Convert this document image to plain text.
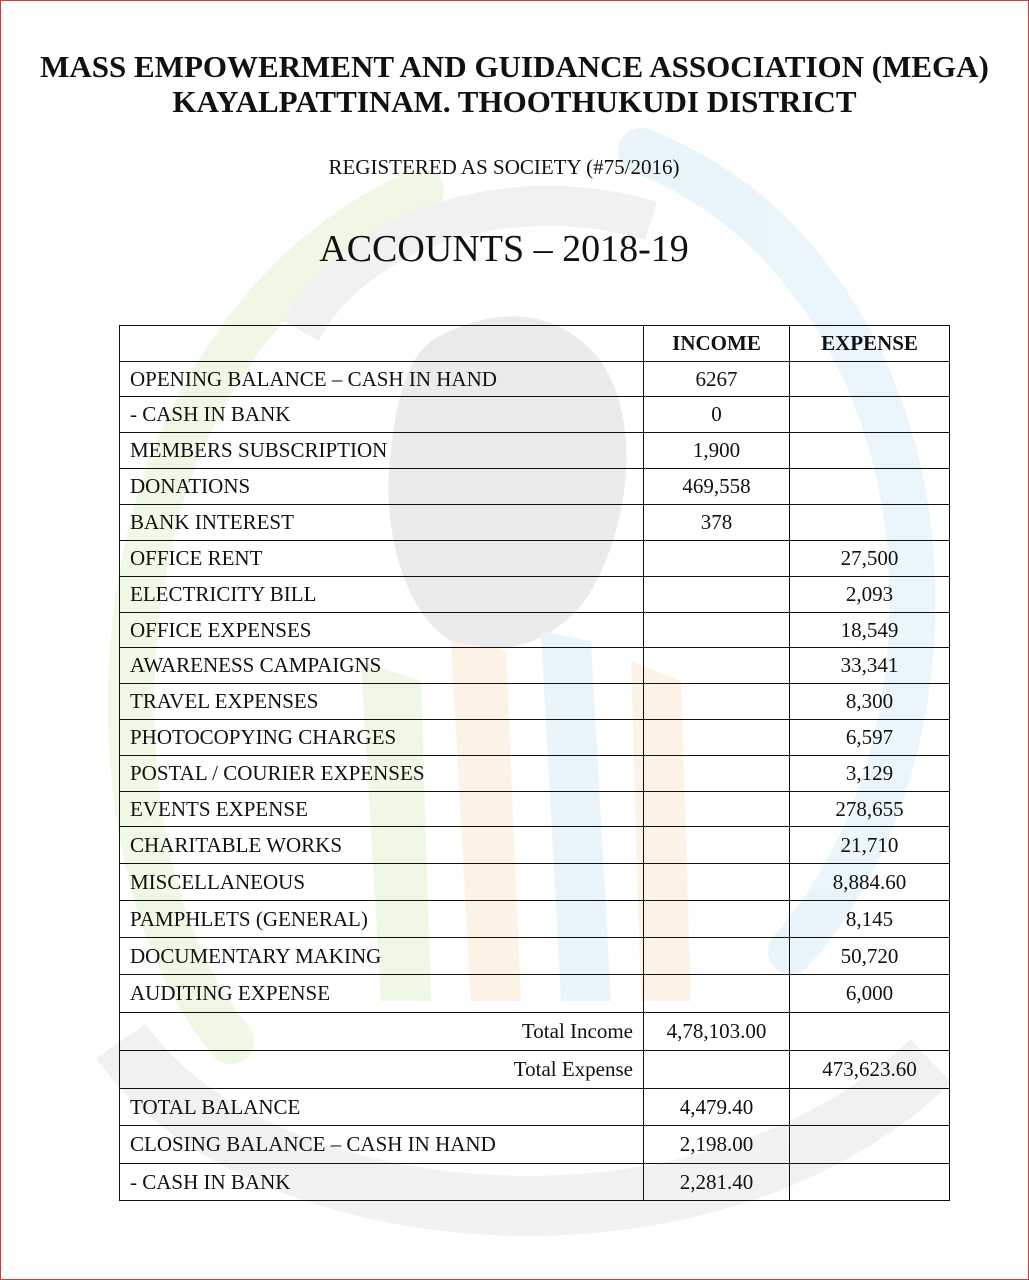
MASS EMPOWERMENT AND GUIDANCE ASSOCIATION (MEGA)
KAYALPATTINAM. THOOTHUKUDI DISTRICT
REGISTERED AS SOCIETY (#75/2016)
ACCOUNTS – 2018-19
	INCOME	EXPENSE
OPENING BALANCE – CASH IN HAND	6267	
- CASH IN BANK	0	
MEMBERS SUBSCRIPTION	1,900	
DONATIONS	469,558	
BANK INTEREST	378	
OFFICE RENT		27,500
ELECTRICITY BILL		2,093
OFFICE EXPENSES		18,549
AWARENESS CAMPAIGNS		33,341
TRAVEL EXPENSES		8,300
PHOTOCOPYING CHARGES		6,597
POSTAL / COURIER EXPENSES		3,129
EVENTS EXPENSE		278,655
CHARITABLE WORKS		21,710
MISCELLANEOUS		8,884.60
PAMPHLETS (GENERAL)		8,145
DOCUMENTARY MAKING		50,720
AUDITING EXPENSE		6,000
Total Income	4,78,103.00	
Total Expense		473,623.60
TOTAL BALANCE	4,479.40	
CLOSING BALANCE – CASH IN HAND	2,198.00	
- CASH IN BANK	2,281.40	
